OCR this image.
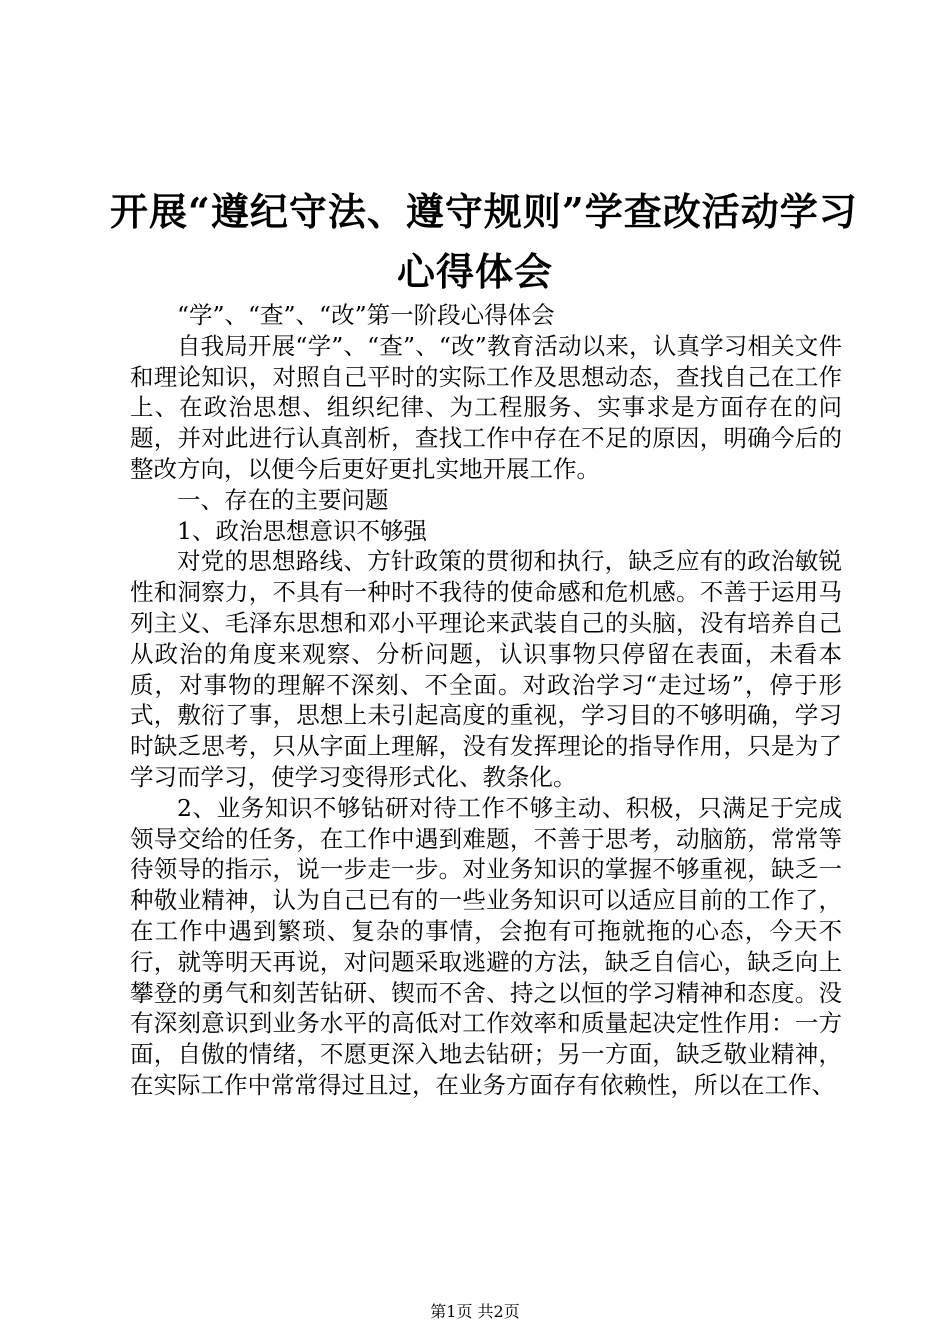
开展“遵纪守法、遵守规则”学查改活动学习
心得体会

“学”、“查”、“改”第一阶段心得体会

自我局开展“学”、“查”、“改”教育活动以来，认真学习相关文件和理论知识，对照自己平时的实际工作及思想动态，查找自己在工作上、在政治思想、组织纪律、为工程服务、实事求是方面存在的问题，并对此进行认真剖析，查找工作中存在不足的原因，明确今后的整改方向，以便今后更好更扎实地开展工作。

一、存在的主要问题

1、政治思想意识不够强

对党的思想路线、方针政策的贯彻和执行，缺乏应有的政治敏锐性和洞察力，不具有一种时不我待的使命感和危机感。不善于运用马列主义、毛泽东思想和邓小平理论来武装自己的头脑，没有培养自己从政治的角度来观察、分析问题，认识事物只停留在表面，未看本质，对事物的理解不深刻、不全面。对政治学习“走过场”，停于形式，敷衍了事，思想上未引起高度的重视，学习目的不够明确，学习时缺乏思考，只从字面上理解，没有发挥理论的指导作用，只是为了学习而学习，使学习变得形式化、教条化。

2、业务知识不够钻研对待工作不够主动、积极，只满足于完成领导交给的任务，在工作中遇到难题，不善于思考，动脑筋，常常等待领导的指示，说一步走一步。对业务知识的掌握不够重视，缺乏一种敬业精神，认为自己已有的一些业务知识可以适应目前的工作了，在工作中遇到繁琐、复杂的事情，会抱有可拖就拖的心态，今天不行，就等明天再说，对问题采取逃避的方法，缺乏自信心，缺乏向上攀登的勇气和刻苦钻研、锲而不舍、持之以恒的学习精神和态度。没有深刻意识到业务水平的高低对工作效率和质量起决定性作用：一方面，自傲的情绪，不愿更深入地去钻研；另一方面，缺乏敬业精神，在实际工作中常常得过且过，在业务方面存有依赖性，所以在工作、

第1页 共2页
